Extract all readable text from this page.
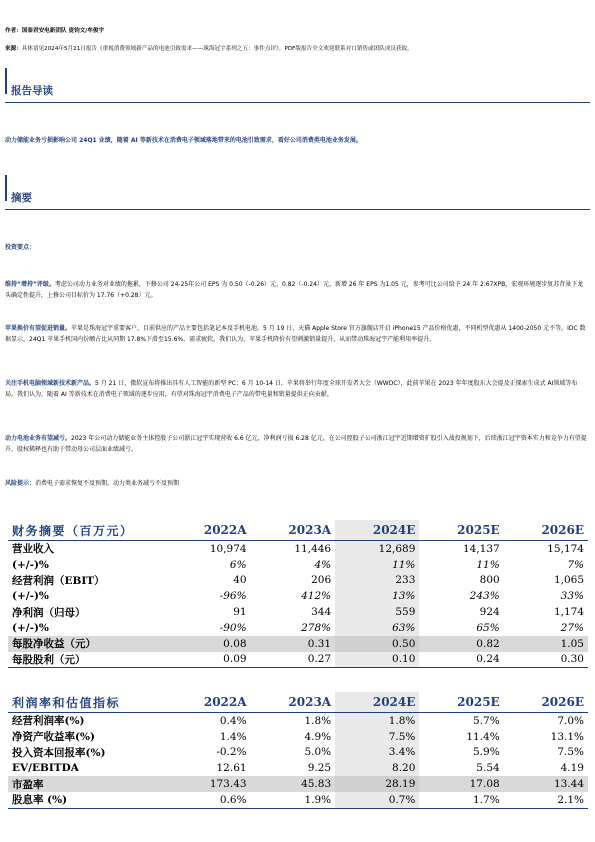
作者：国泰君安电新团队 庞钧文/牟俊宇
来源：具体请见2024年5月21日报告《重视消费领域新产品的电池引致需求——珠海冠宇系列之五：事件点评》。PDF版报告全文欢迎联系对口销售或团队成员获取。
报告导读
动力储能业务亏损影响公司 24Q1 业绩，随着 AI 等新技术在消费电子领域落地带来的电池引致需求，看好公司消费类电池业务发展。
摘要
投资要点：
维持“增持”评级。考虑公司动力业务对业绩的拖累，下修公司 24-25年公司 EPS 为 0.50（-0.26）元、0.82（-0.24）元，新增 26 年 EPS 为1.05 元，参考可比公司给予 24 年 2.67XPB，宏观环境逐步复苏背景下龙头确定性提升，上修公司目标价为 17.76（+0.28）元。
苹果换价有望促进销量。苹果是珠海冠宇重要客户，目前供应的产品主要包括笔记本及手机电池。5 月 19 日，天猫 Apple Store 官方旗舰店开启 iPhone15 产品价格优惠，不同机型优惠从 1400-2050 元不等。IDC 数据显示，24Q1 苹果手机国内份额占比从同期 17.8%下滑至15.6%，需求疲软。我们认为，苹果手机降价有望刺激销量提升，从而带动珠海冠宇产能利用率提升。
关注手机电脑领域新技术新产品。5 月 21 日，微软宣布将推出具有人工智能的新型 PC；6 月 10-14 日，苹果将举行年度全球开发者大会（WWDC），此前苹果在 2023 年年度股东大会提及正探索生成式 AI领域等布局。我们认为，随着 AI 等新技术在消费电子领域的逐步应用，有望对珠海冠宇消费电子产品的带电量和销量提供正向贡献。
动力电池业务有望减亏。2023 年公司动力储能业务主体控股子公司浙江冠宇实现营收 6.6 亿元，净利润亏损 6.28 亿元。在公司控股子公司浙江冠宇近期增资扩股引入战投规划下，后续浙江冠宇资本实力和竞争力有望提升，股权稀释也有助于带动母公司层面业绩减亏。
风险提示：消费电子需求恢复不及预期，动力类业务减亏不及预期
财务摘要（百万元）	2022A	2023A	2024E	2025E	2026E
营业收入	10,974	11,446	12,689	14,137	15,174
(+/-)%	6%	4%	11%	11%	7%
经营利润（EBIT）	40	206	233	800	1,065
(+/-)%	-96%	412%	13%	243%	33%
净利润（归母）	91	344	559	924	1,174
(+/-)%	-90%	278%	63%	65%	27%
每股净收益（元）	0.08	0.31	0.50	0.82	1.05
每股股利（元）	0.09	0.27	0.10	0.24	0.30
利润率和估值指标	2022A	2023A	2024E	2025E	2026E
经营利润率(%)	0.4%	1.8%	1.8%	5.7%	7.0%
净资产收益率(%)	1.4%	4.9%	7.5%	11.4%	13.1%
投入资本回报率(%)	-0.2%	5.0%	3.4%	5.9%	7.5%
EV/EBITDA	12.61	9.25	8.20	5.54	4.19
市盈率	173.43	45.83	28.19	17.08	13.44
股息率 (%)	0.6%	1.9%	0.7%	1.7%	2.1%
